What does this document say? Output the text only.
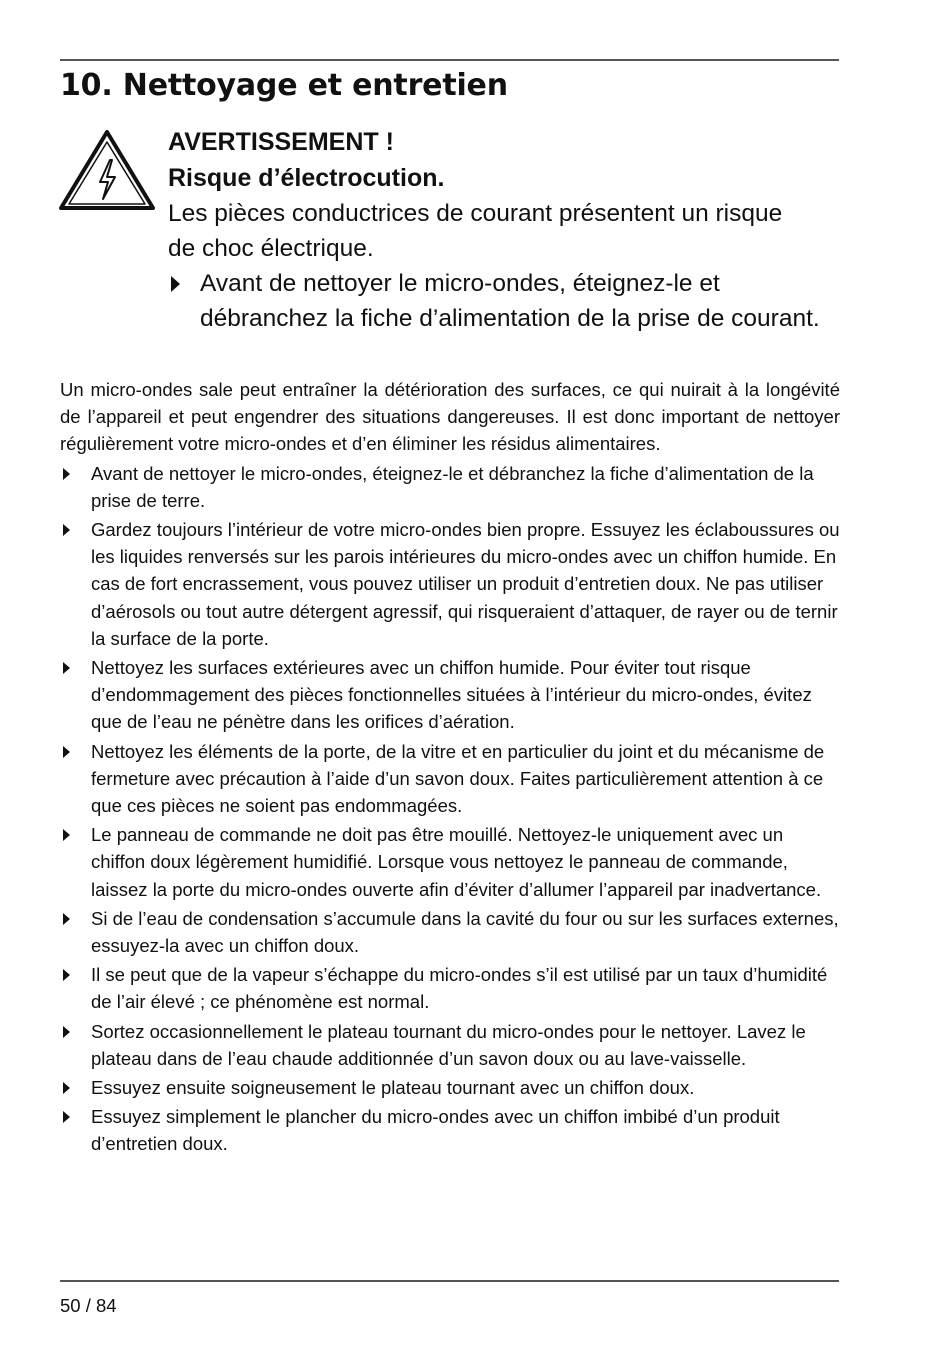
10. Nettoyage et entretien
AVERTISSEMENT !
Risque d’électrocution.
Les pièces conductrices de courant présentent un risque de choc électrique.
Avant de nettoyer le micro-ondes, éteignez-le et débranchez la fiche d’alimentation de la prise de courant.

Un micro-ondes sale peut entraîner la détérioration des surfaces, ce qui nuirait à la longévité de l’appareil et peut engendrer des situations dangereuses. Il est donc important de nettoyer régulièrement votre micro-ondes et d’en éliminer les résidus alimentaires.

Avant de nettoyer le micro-ondes, éteignez-le et débranchez la fiche d’alimentation de la prise de terre.
Gardez toujours l’intérieur de votre micro-ondes bien propre. Essuyez les éclaboussures ou les liquides renversés sur les parois intérieures du micro-ondes avec un chiffon humide. En cas de fort encrassement, vous pouvez utiliser un produit d’entretien doux. Ne pas utiliser d’aérosols ou tout autre détergent agressif, qui risqueraient d’attaquer, de rayer ou de ternir la surface de la porte.
Nettoyez les surfaces extérieures avec un chiffon humide. Pour éviter tout risque d’endommagement des pièces fonctionnelles situées à l’intérieur du micro-ondes, évitez que de l’eau ne pénètre dans les orifices d’aération.
Nettoyez les éléments de la porte, de la vitre et en particulier du joint et du mécanisme de fermeture avec précaution à l’aide d’un savon doux. Faites particulièrement attention à ce que ces pièces ne soient pas endommagées.
Le panneau de commande ne doit pas être mouillé. Nettoyez-le uniquement avec un chiffon doux légèrement humidifié. Lorsque vous nettoyez le panneau de commande, laissez la porte du micro-ondes ouverte afin d’éviter d’allumer l’appareil par inadvertance.
Si de l’eau de condensation s’accumule dans la cavité du four ou sur les surfaces externes, essuyez-la avec un chiffon doux.
Il se peut que de la vapeur s’échappe du micro-ondes s’il est utilisé par un taux d’humidité de l’air élevé ; ce phénomène est normal.
Sortez occasionnellement le plateau tournant du micro-ondes pour le nettoyer. Lavez le plateau dans de l’eau chaude additionnée d’un savon doux ou au lave-vaisselle.
Essuyez ensuite soigneusement le plateau tournant avec un chiffon doux.
Essuyez simplement le plancher du micro-ondes avec un chiffon imbibé d’un produit d’entretien doux.
50 / 84
